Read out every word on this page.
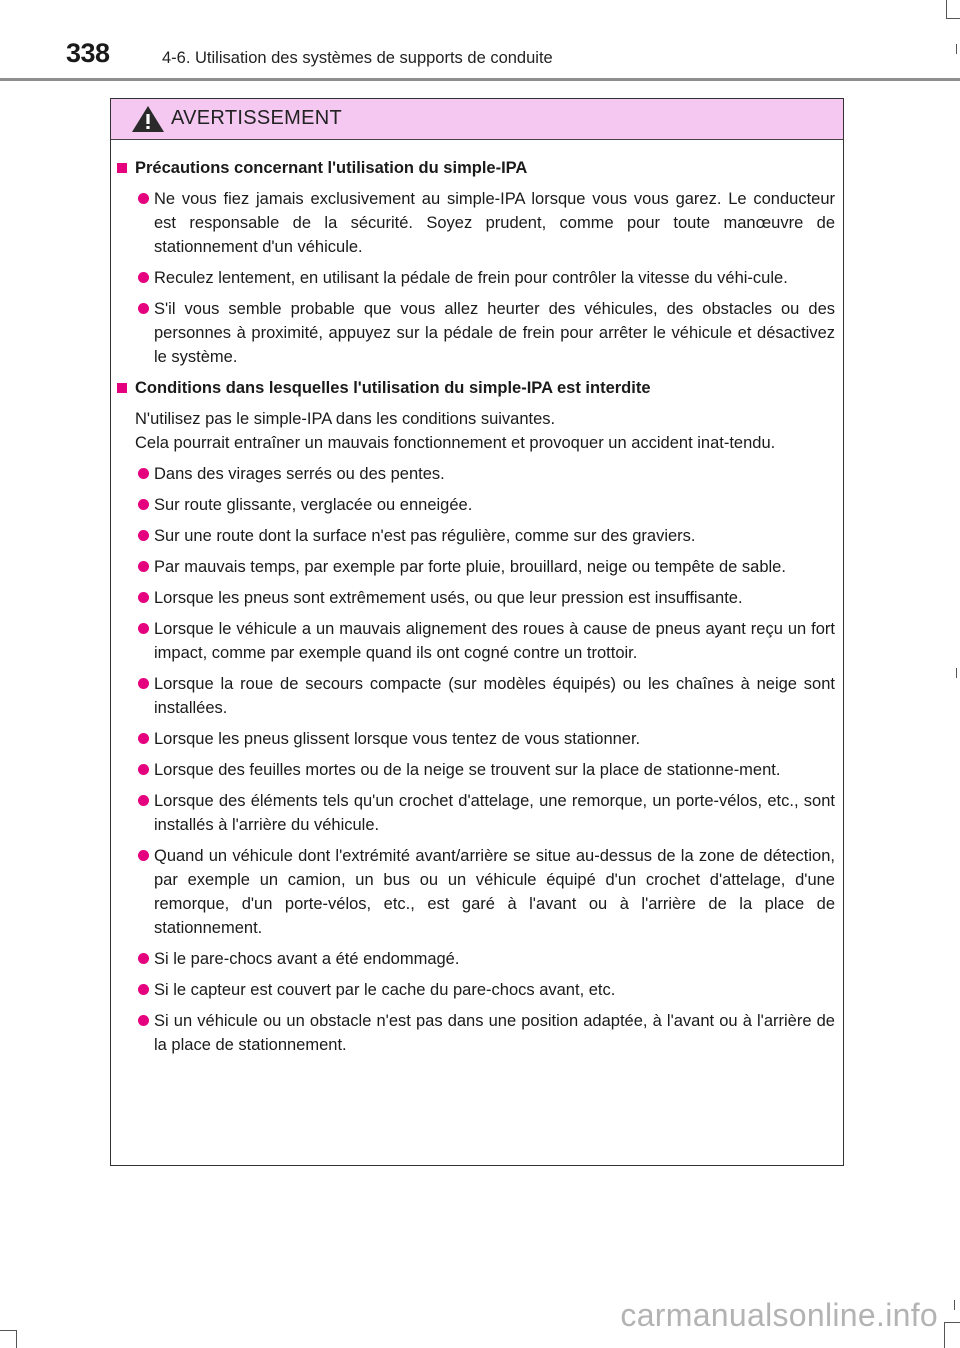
338	4-6. Utilisation des systèmes de supports de conduite
AVERTISSEMENT
Précautions concernant l'utilisation du simple-IPA
Ne vous fiez jamais exclusivement au simple-IPA lorsque vous vous garez. Le conducteur est responsable de la sécurité. Soyez prudent, comme pour toute manœuvre de stationnement d'un véhicule.
Reculez lentement, en utilisant la pédale de frein pour contrôler la vitesse du véhi-cule.
S'il vous semble probable que vous allez heurter des véhicules, des obstacles ou des personnes à proximité, appuyez sur la pédale de frein pour arrêter le véhicule et désactivez le système.
Conditions dans lesquelles l'utilisation du simple-IPA est interdite
N'utilisez pas le simple-IPA dans les conditions suivantes.
Cela pourrait entraîner un mauvais fonctionnement et provoquer un accident inat-tendu.
Dans des virages serrés ou des pentes.
Sur route glissante, verglacée ou enneigée.
Sur une route dont la surface n'est pas régulière, comme sur des graviers.
Par mauvais temps, par exemple par forte pluie, brouillard, neige ou tempête de sable.
Lorsque les pneus sont extrêmement usés, ou que leur pression est insuffisante.
Lorsque le véhicule a un mauvais alignement des roues à cause de pneus ayant reçu un fort impact, comme par exemple quand ils ont cogné contre un trottoir.
Lorsque la roue de secours compacte (sur modèles équipés) ou les chaînes à neige sont installées.
Lorsque les pneus glissent lorsque vous tentez de vous stationner.
Lorsque des feuilles mortes ou de la neige se trouvent sur la place de stationne-ment.
Lorsque des éléments tels qu'un crochet d'attelage, une remorque, un porte-vélos, etc., sont installés à l'arrière du véhicule.
Quand un véhicule dont l'extrémité avant/arrière se situe au-dessus de la zone de détection, par exemple un camion, un bus ou un véhicule équipé d'un crochet d'attelage, d'une remorque, d'un porte-vélos, etc., est garé à l'avant ou à l'arrière de la place de stationnement.
Si le pare-chocs avant a été endommagé.
Si le capteur est couvert par le cache du pare-chocs avant, etc.
Si un véhicule ou un obstacle n'est pas dans une position adaptée, à l'avant ou à l'arrière de la place de stationnement.
carmanualsonline.info
